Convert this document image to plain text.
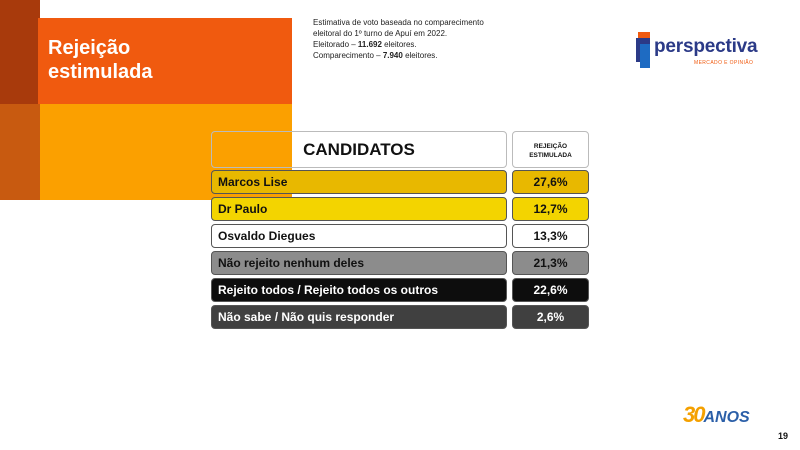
Rejeição
estimulada
Estimativa de voto baseada no comparecimento
eleitoral do 1º turno de Apuí em 2022.
Eleitorado – 11.692 eleitores.
Comparecimento – 7.940 eleitores.	perspectiva
MERCADO E OPINIÃO
CANDIDATOS	REJEIÇÃO
ESTIMULADA
Marcos Lise	27,6%
Dr Paulo	12,7%
Osvaldo Diegues	13,3%
Não rejeito nenhum deles	21,3%
Rejeito todos / Rejeito todos os outros	22,6%
Não sabe / Não quis responder	2,6%
30ANOS
19
